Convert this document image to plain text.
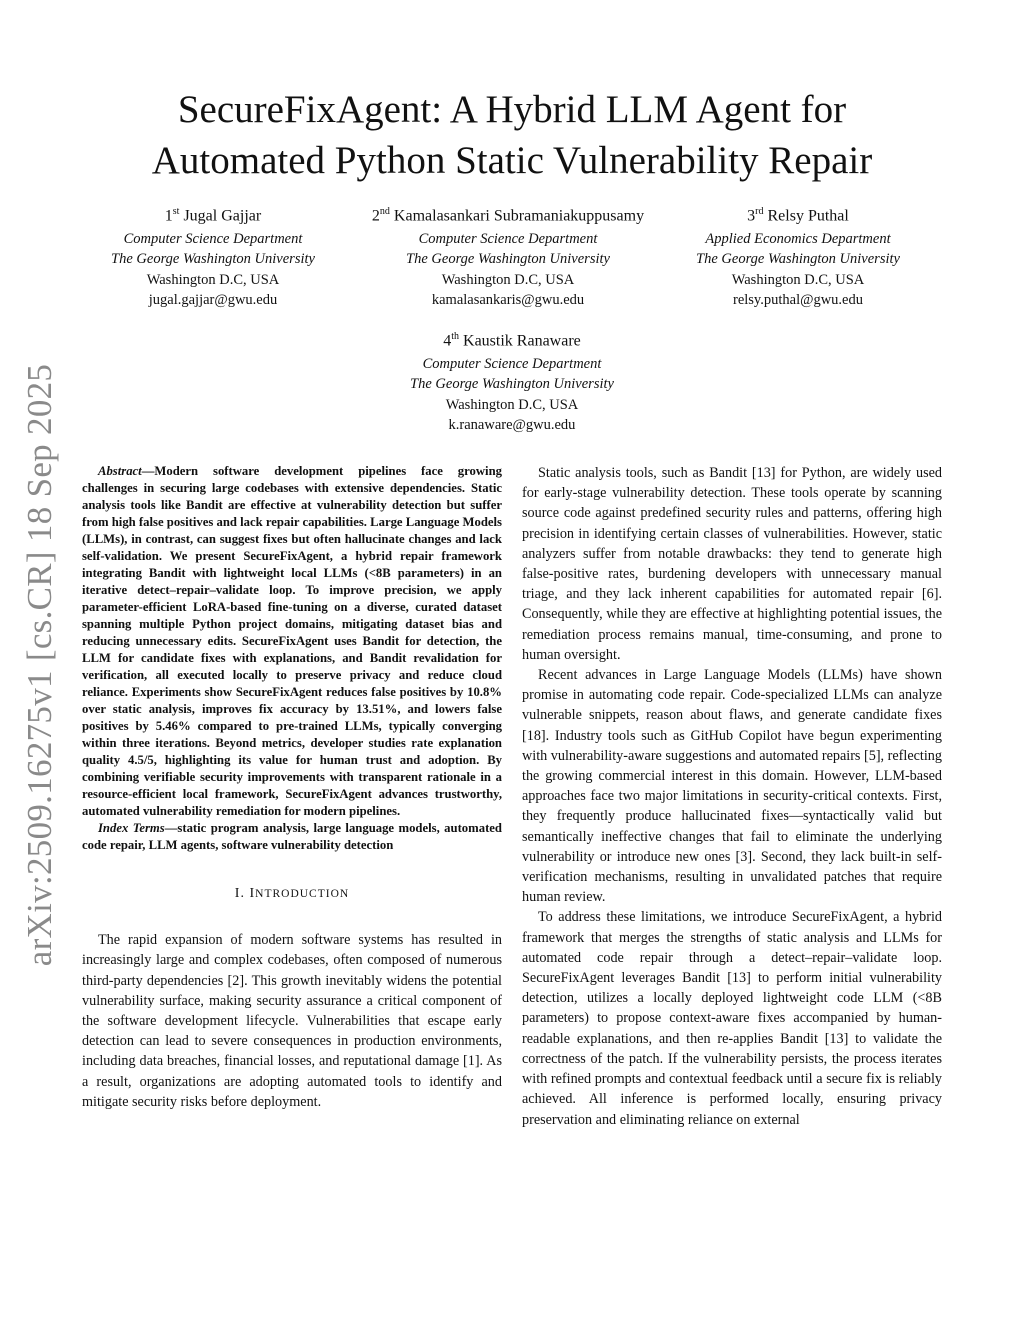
arXiv:2509.16275v1 [cs.CR] 18 Sep 2025
SecureFixAgent: A Hybrid LLM Agent for
Automated Python Static Vulnerability Repair
1st Jugal Gajjar
Computer Science Department
The George Washington University
Washington D.C, USA
jugal.gajjar@gwu.edu
2nd Kamalasankari Subramaniakuppusamy
Computer Science Department
The George Washington University
Washington D.C, USA
kamalasankaris@gwu.edu
3rd Relsy Puthal
Applied Economics Department
The George Washington University
Washington D.C, USA
relsy.puthal@gwu.edu
4th Kaustik Ranaware
Computer Science Department
The George Washington University
Washington D.C, USA
k.ranaware@gwu.edu

Abstract—Modern software development pipelines face growing challenges in securing large codebases with extensive dependencies. Static analysis tools like Bandit are effective at vulnerability detection but suffer from high false positives and lack repair capabilities. Large Language Models (LLMs), in contrast, can suggest fixes but often hallucinate changes and lack self-validation. We present SecureFixAgent, a hybrid repair framework integrating Bandit with lightweight local LLMs (<8B parameters) in an iterative detect–repair–validate loop. To improve precision, we apply parameter-efficient LoRA-based fine-tuning on a diverse, curated dataset spanning multiple Python project domains, mitigating dataset bias and reducing unnecessary edits. SecureFixAgent uses Bandit for detection, the LLM for candidate fixes with explanations, and Bandit revalidation for verification, all executed locally to preserve privacy and reduce cloud reliance. Experiments show SecureFixAgent reduces false positives by 10.8% over static analysis, improves fix accuracy by 13.51%, and lowers false positives by 5.46% compared to pre-trained LLMs, typically converging within three iterations. Beyond metrics, developer studies rate explanation quality 4.5/5, highlighting its value for human trust and adoption. By combining verifiable security improvements with transparent rationale in a resource-efficient local framework, SecureFixAgent advances trustworthy, automated vulnerability remediation for modern pipelines.

Index Terms—static program analysis, large language models, automated code repair, LLM agents, software vulnerability detection

I. INTRODUCTION

The rapid expansion of modern software systems has resulted in increasingly large and complex codebases, often composed of numerous third-party dependencies [2]. This growth inevitably widens the potential vulnerability surface, making security assurance a critical component of the software development lifecycle. Vulnerabilities that escape early detection can lead to severe consequences in production environments, including data breaches, financial losses, and reputational damage [1]. As a result, organizations are adopting automated tools to identify and mitigate security risks before deployment.

Static analysis tools, such as Bandit [13] for Python, are widely used for early-stage vulnerability detection. These tools operate by scanning source code against predefined security rules and patterns, offering high precision in identifying certain classes of vulnerabilities. However, static analyzers suffer from notable drawbacks: they tend to generate high false-positive rates, burdening developers with unnecessary manual triage, and they lack inherent capabilities for automated repair [6]. Consequently, while they are effective at highlighting potential issues, the remediation process remains manual, time-consuming, and prone to human oversight.

Recent advances in Large Language Models (LLMs) have shown promise in automating code repair. Code-specialized LLMs can analyze vulnerable snippets, reason about flaws, and generate candidate fixes [18]. Industry tools such as GitHub Copilot have begun experimenting with vulnerability-aware suggestions and automated repairs [5], reflecting the growing commercial interest in this domain. However, LLM-based approaches face two major limitations in security-critical contexts. First, they frequently produce hallucinated fixes—syntactically valid but semantically ineffective changes that fail to eliminate the underlying vulnerability or introduce new ones [3]. Second, they lack built-in self-verification mechanisms, resulting in unvalidated patches that require human review.

To address these limitations, we introduce SecureFixAgent, a hybrid framework that merges the strengths of static analysis and LLMs for automated code repair through a detect–repair–validate loop. SecureFixAgent leverages Bandit [13] to perform initial vulnerability detection, utilizes a locally deployed lightweight code LLM (<8B parameters) to propose context-aware fixes accompanied by human-readable explanations, and then re-applies Bandit [13] to validate the correctness of the patch. If the vulnerability persists, the process iterates with refined prompts and contextual feedback until a secure fix is reliably achieved. All inference is performed locally, ensuring privacy preservation and eliminating reliance on external
